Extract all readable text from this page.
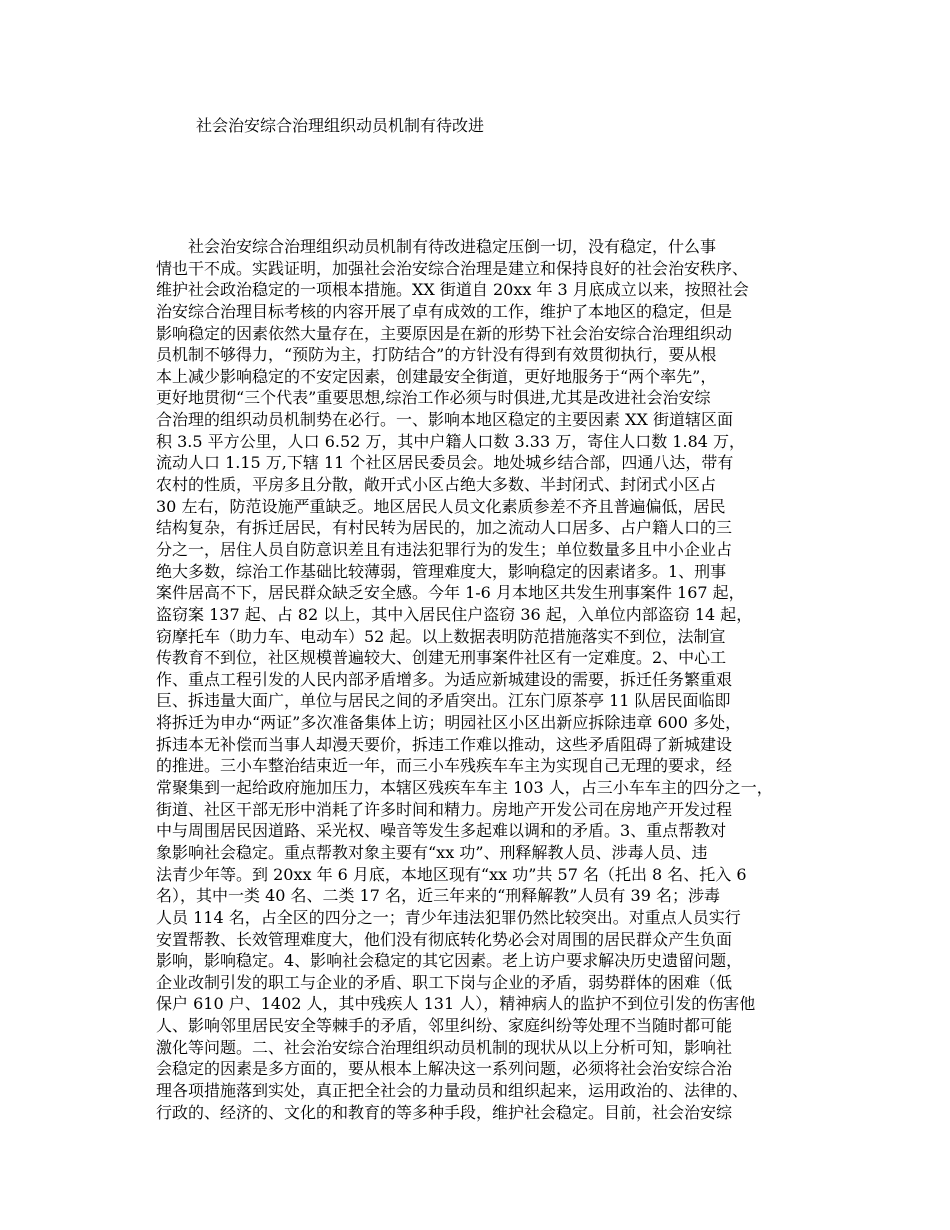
社会治安综合治理组织动员机制有待改进
社会治安综合治理组织动员机制有待改进稳定压倒一切，没有稳定，什么事
情也干不成。实践证明，加强社会治安综合治理是建立和保持良好的社会治安秩序、
维护社会政治稳定的一项根本措施。XX 街道自 20xx 年 3 月底成立以来，按照社会
治安综合治理目标考核的内容开展了卓有成效的工作，维护了本地区的稳定，但是
影响稳定的因素依然大量存在，主要原因是在新的形势下社会治安综合治理组织动
员机制不够得力，“预防为主，打防结合”的方针没有得到有效贯彻执行，要从根
本上减少影响稳定的不安定因素，创建最安全街道，更好地服务于“两个率先”，
更好地贯彻“三个代表”重要思想,综治工作必须与时俱进,尤其是改进社会治安综
合治理的组织动员机制势在必行。一、影响本地区稳定的主要因素 XX 街道辖区面
积 3.5 平方公里，人口 6.52 万，其中户籍人口数 3.33 万，寄住人口数 1.84 万，
流动人口 1.15 万,下辖 11 个社区居民委员会。地处城乡结合部，四通八达，带有
农村的性质，平房多且分散，敞开式小区占绝大多数、半封闭式、封闭式小区占
30 左右，防范设施严重缺乏。地区居民人员文化素质参差不齐且普遍偏低，居民
结构复杂，有拆迁居民，有村民转为居民的，加之流动人口居多、占户籍人口的三
分之一，居住人员自防意识差且有违法犯罪行为的发生；单位数量多且中小企业占
绝大多数，综治工作基础比较薄弱，管理难度大，影响稳定的因素诸多。1、刑事
案件居高不下，居民群众缺乏安全感。今年 1-6 月本地区共发生刑事案件 167 起，
盗窃案 137 起、占 82 以上，其中入居民住户盗窃 36 起，入单位内部盗窃 14 起，
窃摩托车（助力车、电动车）52 起。以上数据表明防范措施落实不到位，法制宣
传教育不到位，社区规模普遍较大、创建无刑事案件社区有一定难度。2、中心工
作、重点工程引发的人民内部矛盾增多。为适应新城建设的需要，拆迁任务繁重艰
巨、拆违量大面广，单位与居民之间的矛盾突出。江东门原茶亭 11 队居民面临即
将拆迁为申办“两证”多次准备集体上访；明园社区小区出新应拆除违章 600 多处，
拆违本无补偿而当事人却漫天要价，拆违工作难以推动，这些矛盾阻碍了新城建设
的推进。三小车整治结束近一年，而三小车残疾车车主为实现自己无理的要求，经
常聚集到一起给政府施加压力，本辖区残疾车车主 103 人，占三小车车主的四分之一，
街道、社区干部无形中消耗了许多时间和精力。房地产开发公司在房地产开发过程
中与周围居民因道路、采光权、噪音等发生多起难以调和的矛盾。3、重点帮教对
象影响社会稳定。重点帮教对象主要有“xx 功”、刑释解教人员、涉毒人员、违
法青少年等。到 20xx 年 6 月底，本地区现有“xx 功”共 57 名（托出 8 名、托入 6
名），其中一类 40 名、二类 17 名，近三年来的“刑释解教”人员有 39 名；涉毒
人员 114 名，占全区的四分之一；青少年违法犯罪仍然比较突出。对重点人员实行
安置帮教、长效管理难度大，他们没有彻底转化势必会对周围的居民群众产生负面
影响，影响稳定。4、影响社会稳定的其它因素。老上访户要求解决历史遗留问题，
企业改制引发的职工与企业的矛盾、职工下岗与企业的矛盾，弱势群体的困难（低
保户 610 户、1402 人，其中残疾人 131 人），精神病人的监护不到位引发的伤害他
人、影响邻里居民安全等棘手的矛盾，邻里纠纷、家庭纠纷等处理不当随时都可能
激化等问题。二、社会治安综合治理组织动员机制的现状从以上分析可知，影响社
会稳定的因素是多方面的，要从根本上解决这一系列问题，必须将社会治安综合治
理各项措施落到实处，真正把全社会的力量动员和组织起来，运用政治的、法律的、
行政的、经济的、文化的和教育的等多种手段，维护社会稳定。目前，社会治安综
